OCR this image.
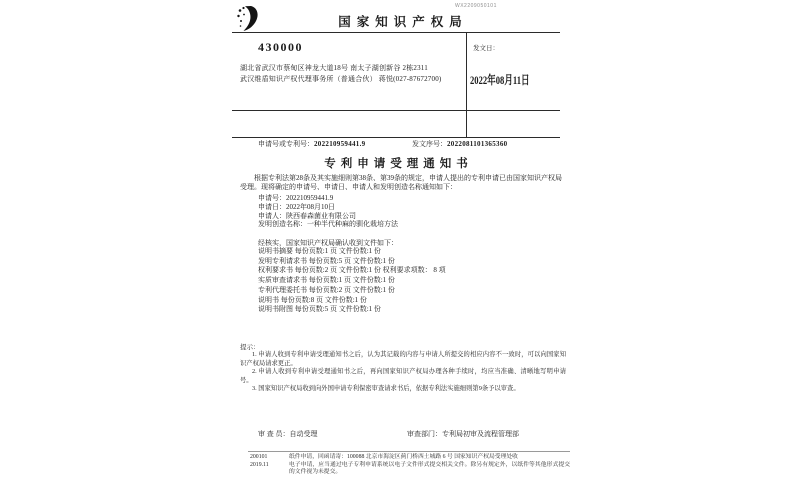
WX2209050101
国家知识产权局
430000
湖北省武汉市蔡甸区神龙大道18号 南太子湖创新谷 2栋2311
武汉维盾知识产权代理事务所（普通合伙） 蒋悦(027-87672700)
发文日：
2022年08月11日
申请号或专利号：202210959441.9	发文序号：2022081101365360
专利申请受理通知书
根据专利法第28条及其实施细则第38条、第39条的规定，申请人提出的专利申请已由国家知识产权局受理。现将确定的申请号、申请日、申请人和发明创造名称通知如下：
申请号：202210959441.9
申请日：2022年08月10日
申请人：陕西春森菌业有限公司
发明创造名称：一种半代种麻的驯化栽培方法
经核实，国家知识产权局确认收到文件如下：
说明书摘要 每份页数:1 页 文件份数:1 份
发明专利请求书 每份页数:5 页 文件份数:1 份
权利要求书 每份页数:2 页 文件份数:1 份 权利要求项数： 8 项
实质审查请求书 每份页数:1 页 文件份数:1 份
专利代理委托书 每份页数:2 页 文件份数:1 份
说明书 每份页数:8 页 文件份数:1 份
说明书附图 每份页数:5 页 文件份数:1 份
提示：
1. 申请人收到专利申请受理通知书之后，认为其记载的内容与申请人所提交的相应内容不一致时，可以向国家知识产权局请求更正。
2. 申请人收到专利申请受理通知书之后，再向国家知识产权局办理各种手续时，均应当准确、清晰地写明申请号。
3. 国家知识产权局收到向外国申请专利保密审查请求书后，依据专利法实施细则第9条予以审查。
审 查 员：自动受理	审查部门：专利局初审及流程管理部
200101	纸件申请，回函请寄：100088 北京市海淀区蓟门桥西土城路 6 号 国家知识产权局受理处收
2019.11	电子申请，应当通过电子专利申请系统以电子文件形式提交相关文件。除另有规定外，以纸件等其他形式提交的文件视为未提交。
